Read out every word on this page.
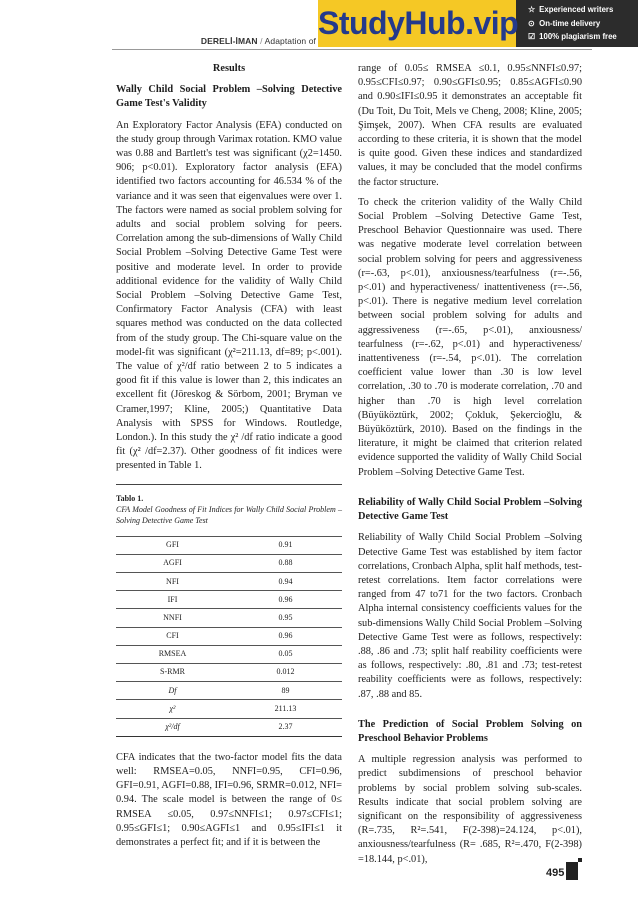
DERELİ-İMAN / Adaptation of StudyHub.vip ☆ Experienced writers
⊙ On-time delivery
☑ 100% plagiarism free
Results
Wally Child Social Problem –Solving Detective Game Test's Validity

An Exploratory Factor Analysis (EFA) conducted on the study group through Varimax rotation. KMO value was 0.88 and Bartlett's test was significant (χ2=1450. 906; p<0.01). Exploratory factor analysis (EFA) identified two factors accounting for 46.534 % of the variance and it was seen that eigenvalues were over 1. The factors were named as social problem solving for adults and social problem solving for peers. Correlation among the sub-dimensions of Wally Child Social Problem –Solving Detective Game Test were positive and moderate level. In order to provide additional evidence for the validity of Wally Child Social Problem –Solving Detective Game Test, Confirmatory Factor Analysis (CFA) with least squares method was conducted on the data collected from of the study group. The Chi-square value on the model-fit was significant (χ²=211.13, df=89; p<.001). The value of χ²/df ratio between 2 to 5 indicates a good fit if this value is lower than 2, this indicates an excellent fit (Jöreskog & Sörbom, 2001; Bryman ve Cramer,1997; Kline, 2005;) Quantitative Data Analysis with SPSS for Windows. Routledge, London.). In this study the χ² /df ratio indicate a good fit (χ² /df=2.37). Other goodness of fit indices were presented in Table 1.

Tablo 1.
CFA Model Goodness of Fit Indices for Wally Child Social Problem –Solving Detective Game Test
GFI	0.91
AGFI	0.88
NFI	0.94
IFI	0.96
NNFI	0.95
CFI	0.96
RMSEA	0.05
S-RMR	0.012
Df	89
χ²	211.13
χ²/df	2.37

CFA indicates that the two-factor model fits the data well: RMSEA=0.05, NNFI=0.95, CFI=0.96, GFI=0.91, AGFI=0.88, IFI=0.96, SRMR=0.012, NFI= 0.94. The scale model is between the range of 0≤ RMSEA ≤0.05, 0.97≤NNFI≤1; 0.97≤CFI≤1; 0.95≤GFI≤1; 0.90≤AGFI≤1 and 0.95≤IFI≤1 it demonstrates a perfect fit; and if it is between the

range of 0.05≤ RMSEA ≤0.1, 0.95≤NNFI≤0.97; 0.95≤CFI≤0.97; 0.90≤GFI≤0.95; 0.85≤AGFI≤0.90 and 0.90≤IFI≤0.95 it demonstrates an acceptable fit (Du Toit, Du Toit, Mels ve Cheng, 2008; Kline, 2005; Şimşek, 2007). When CFA results are evaluated according to these criteria, it is shown that the model is quite good. Given these indices and standardized values, it may be concluded that the model confirms the factor structure.

To check the criterion validity of the Wally Child Social Problem –Solving Detective Game Test, Preschool Behavior Questionnaire was used. There was negative moderate level correlation between social problem solving for peers and aggressiveness (r=-.63, p<.01), anxiousness/tearfulness (r=-.56, p<.01) and hyperactiveness/ inattentiveness (r=-.56, p<.01). There is negative medium level correlation between social problem solving for adults and aggressiveness (r=-.65, p<.01), anxiousness/ tearfulness (r=-.62, p<.01) and hyperactiveness/ inattentiveness (r=-.54, p<.01). The correlation coefficient value lower than .30 is low level correlation, .30 to .70 is moderate correlation, .70 and higher than .70 is high level correlation (Büyüköztürk, 2002; Çokluk, Şekercioğlu, & Büyüköztürk, 2010). Based on the findings in the literature, it might be claimed that criterion related evidence supported the validity of Wally Child Social Problem –Solving Detective Game Test.

Reliability of Wally Child Social Problem –Solving Detective Game Test

Reliability of Wally Child Social Problem –Solving Detective Game Test was established by item factor correlations, Cronbach Alpha, split half methods, test-retest correlations. Item factor correlations were ranged from 47 to71 for the two factors. Cronbach Alpha internal consistency coefficients values for the sub-dimensions Wally Child Social Problem –Solving Detective Game Test were as follows, respectively: .88, .86 and .73; split half reability coefficients were as follows, respectively: .80, .81 and .73; test-retest reability coefficients were as follows, respectively: .87, .88 and 85.

The Prediction of Social Problem Solving on Preschool Behavior Problems

A multiple regression analysis was performed to predict subdimensions of preschool behavior problems by social problem solving sub-scales. Results indicate that social problem solving are significant on the responsibility of aggressiveness (R=.735, R²=.541, F(2-398)=24.124, p<.01), anxiousness/tearfulness (R= .685, R²=.470, F(2-398) =18.144, p<.01),

495
